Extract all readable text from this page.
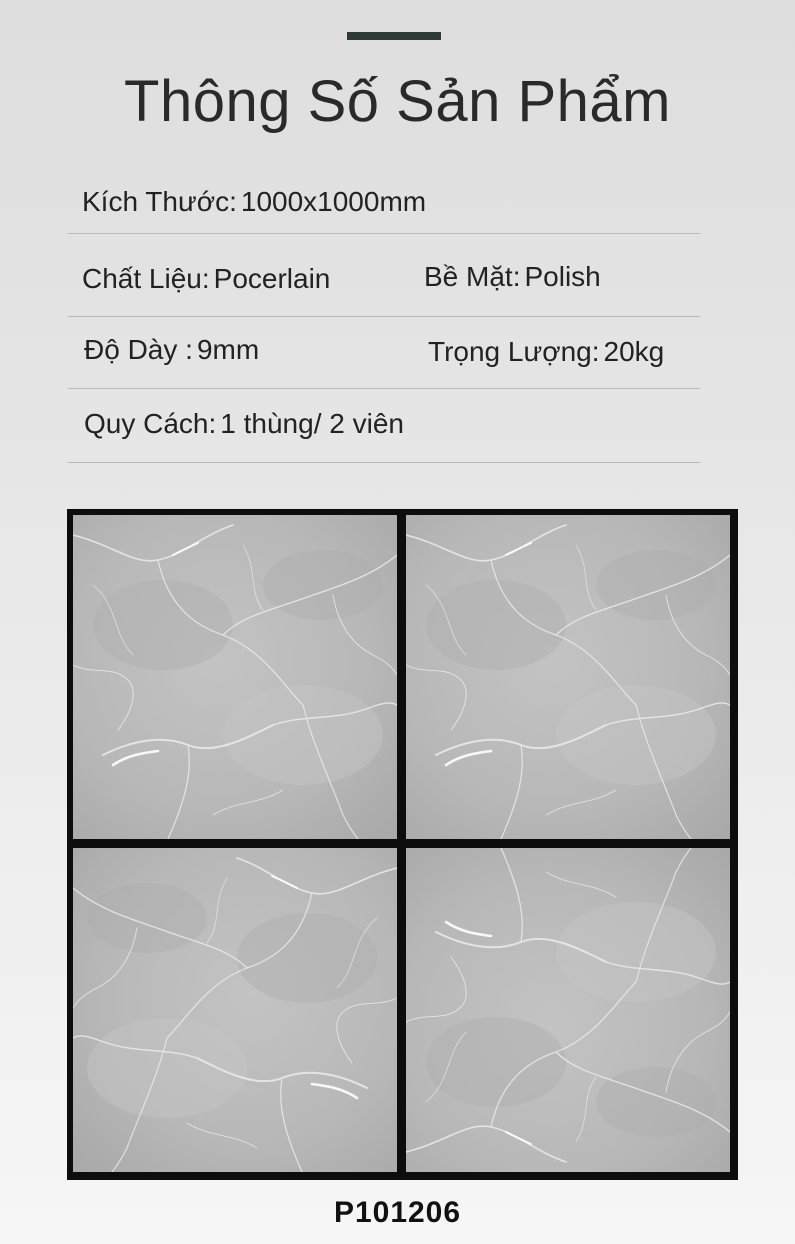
Thông Số Sản Phẩm
Kích Thước: 1000x1000mm
Chất Liệu: Pocerlain	Bề Mặt: Polish
Độ Dày : 9mm	Trọng Lượng: 20kg
Quy Cách: 1 thùng/ 2 viên
P101206
